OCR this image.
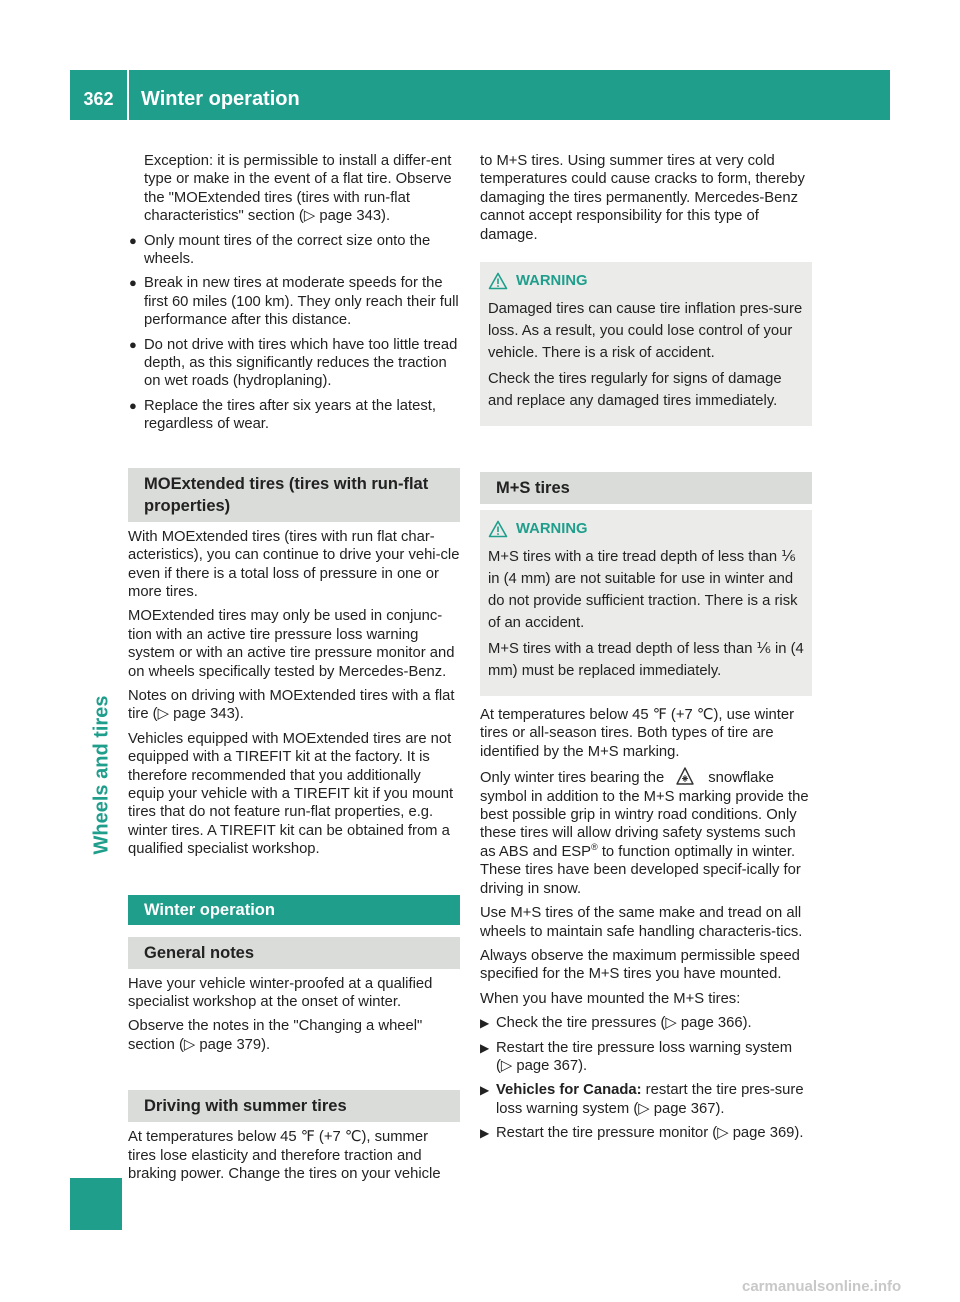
362	Winter operation
Wheels and tires

Exception: it is permissible to install a differ-ent type or make in the event of a flat tire. Observe the "MOExtended tires (tires with run-flat characteristics" section (▷ page 343).

● Only mount tires of the correct size onto the wheels.
● Break in new tires at moderate speeds for the first 60 miles (100 km). They only reach their full performance after this distance.
● Do not drive with tires which have too little tread depth, as this significantly reduces the traction on wet roads (hydroplaning).
● Replace the tires after six years at the latest, regardless of wear.
MOExtended tires (tires with run-flat properties)

With MOExtended tires (tires with run flat char-acteristics), you can continue to drive your vehi-cle even if there is a total loss of pressure in one or more tires.

MOExtended tires may only be used in conjunc-tion with an active tire pressure loss warning system or with an active tire pressure monitor and on wheels specifically tested by Mercedes-Benz.

Notes on driving with MOExtended tires with a flat tire (▷ page 343).

Vehicles equipped with MOExtended tires are not equipped with a TIREFIT kit at the factory. It is therefore recommended that you additionally equip your vehicle with a TIREFIT kit if you mount tires that do not feature run-flat properties, e.g. winter tires. A TIREFIT kit can be obtained from a qualified specialist workshop.

Winter operation
General notes

Have your vehicle winter-proofed at a qualified specialist workshop at the onset of winter.

Observe the notes in the "Changing a wheel" section (▷ page 379).

Driving with summer tires

At temperatures below 45 ℉ (+7 ℃), summer tires lose elasticity and therefore traction and braking power. Change the tires on your vehicle

to M+S tires. Using summer tires at very cold temperatures could cause cracks to form, thereby damaging the tires permanently. Mercedes-Benz cannot accept responsibility for this type of damage.

WARNING

Damaged tires can cause tire inflation pres-sure loss. As a result, you could lose control of your vehicle. There is a risk of accident.

Check the tires regularly for signs of damage and replace any damaged tires immediately.

M+S tires
WARNING

M+S tires with a tire tread depth of less than ⅙ in (4 mm) are not suitable for use in winter and do not provide sufficient traction. There is a risk of an accident.

M+S tires with a tread depth of less than ⅙ in (4 mm) must be replaced immediately.

At temperatures below 45 ℉ (+7 ℃), use winter tires or all-season tires. Both types of tire are identified by the M+S marking.

Only winter tires bearing the	snowflake symbol in addition to the M+S marking provide the best possible grip in wintry road conditions. Only these tires will allow driving safety systems such as ABS and ESP® to function optimally in winter. These tires have been developed specif-ically for driving in snow.

Use M+S tires of the same make and tread on all wheels to maintain safe handling characteris-tics.

Always observe the maximum permissible speed specified for the M+S tires you have mounted.

When you have mounted the M+S tires:

▶ Check the tire pressures (▷ page 366).
▶ Restart the tire pressure loss warning system (▷ page 367).
▶ Vehicles for Canada: restart the tire pres-sure loss warning system (▷ page 367).
▶ Restart the tire pressure monitor (▷ page 369).
carmanualsonline.info
